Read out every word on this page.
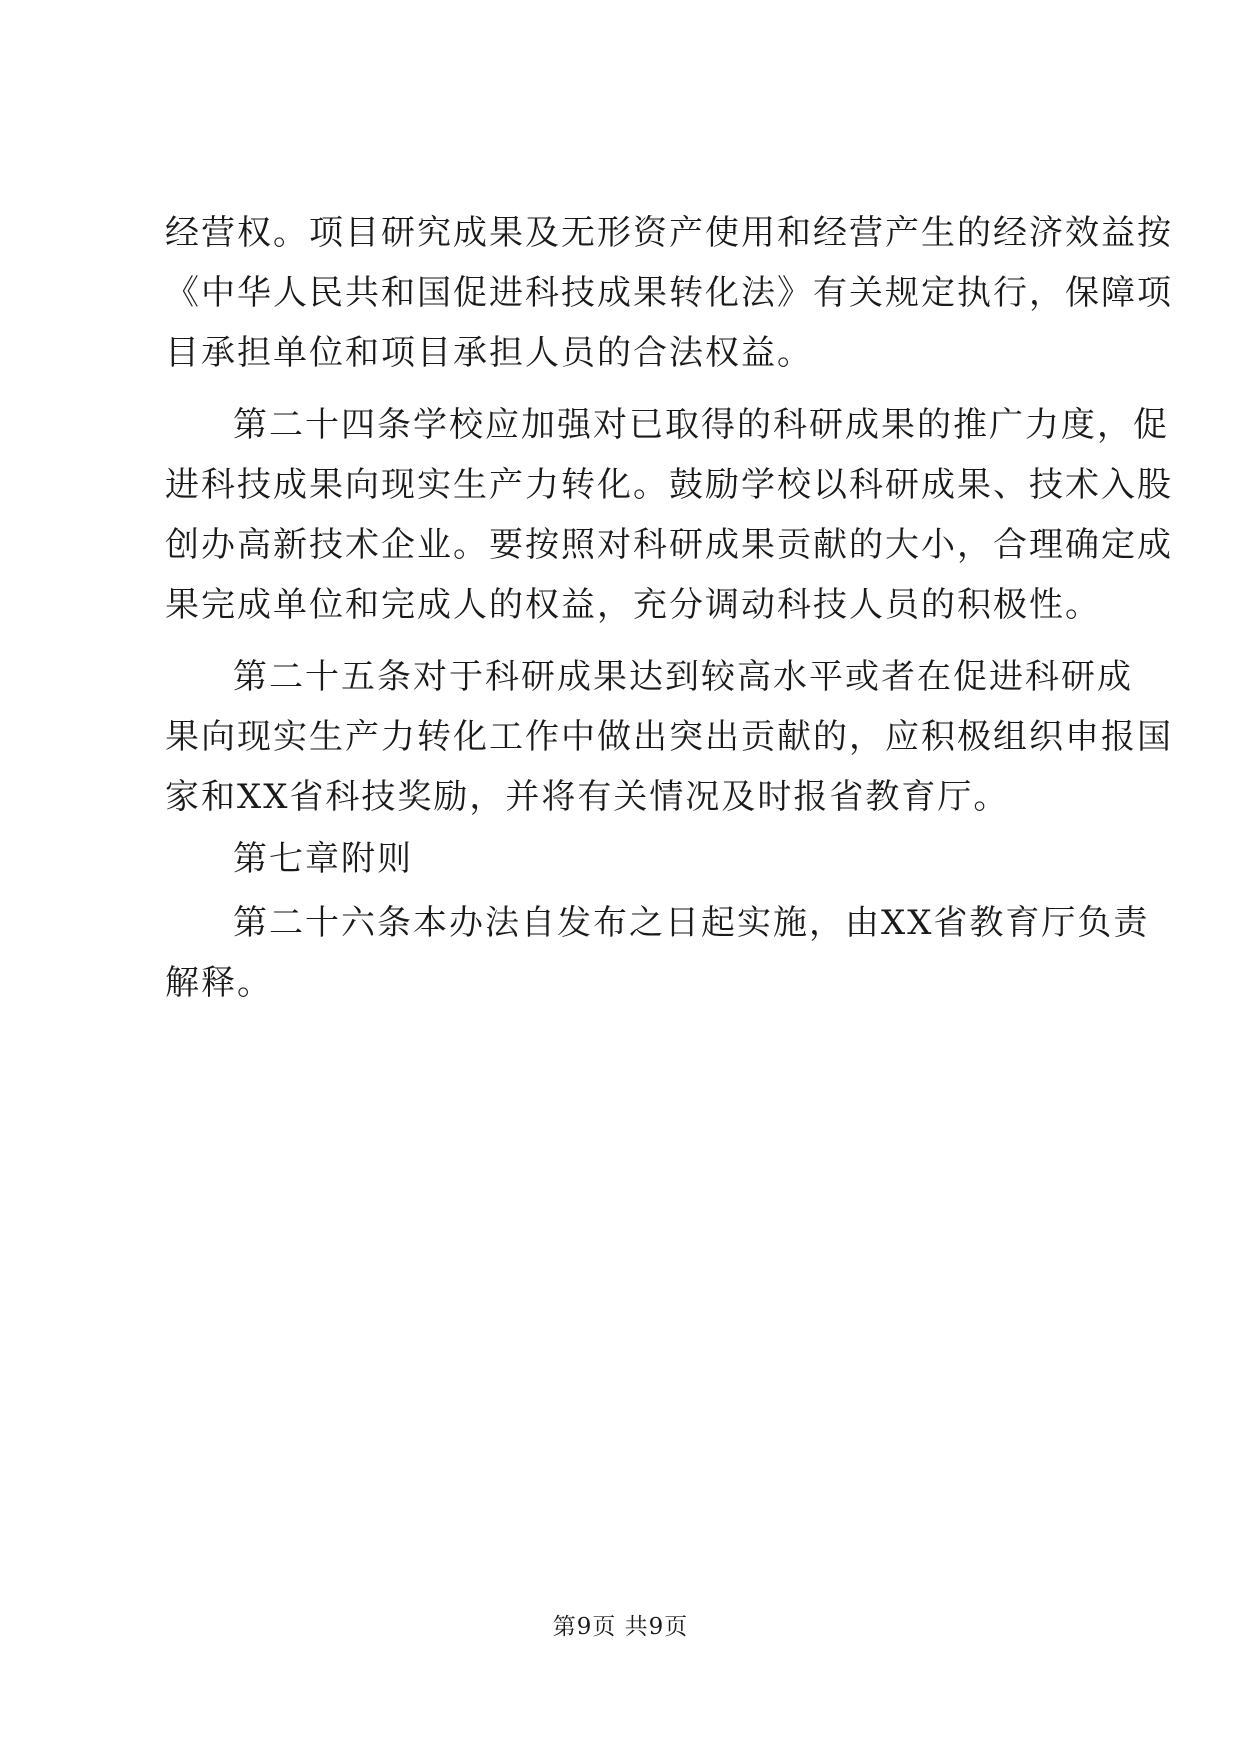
经营权。项目研究成果及无形资产使用和经营产生的经济效益按
《中华人民共和国促进科技成果转化法》有关规定执行，保障项
目承担单位和项目承担人员的合法权益。
第二十四条学校应加强对已取得的科研成果的推广力度，促
进科技成果向现实生产力转化。鼓励学校以科研成果、技术入股
创办高新技术企业。要按照对科研成果贡献的大小，合理确定成
果完成单位和完成人的权益，充分调动科技人员的积极性。
第二十五条对于科研成果达到较高水平或者在促进科研成
果向现实生产力转化工作中做出突出贡献的，应积极组织申报国
家和XX省科技奖励，并将有关情况及时报省教育厅。
第七章附则
第二十六条本办法自发布之日起实施，由XX省教育厅负责
解释。
第9页 共9页
